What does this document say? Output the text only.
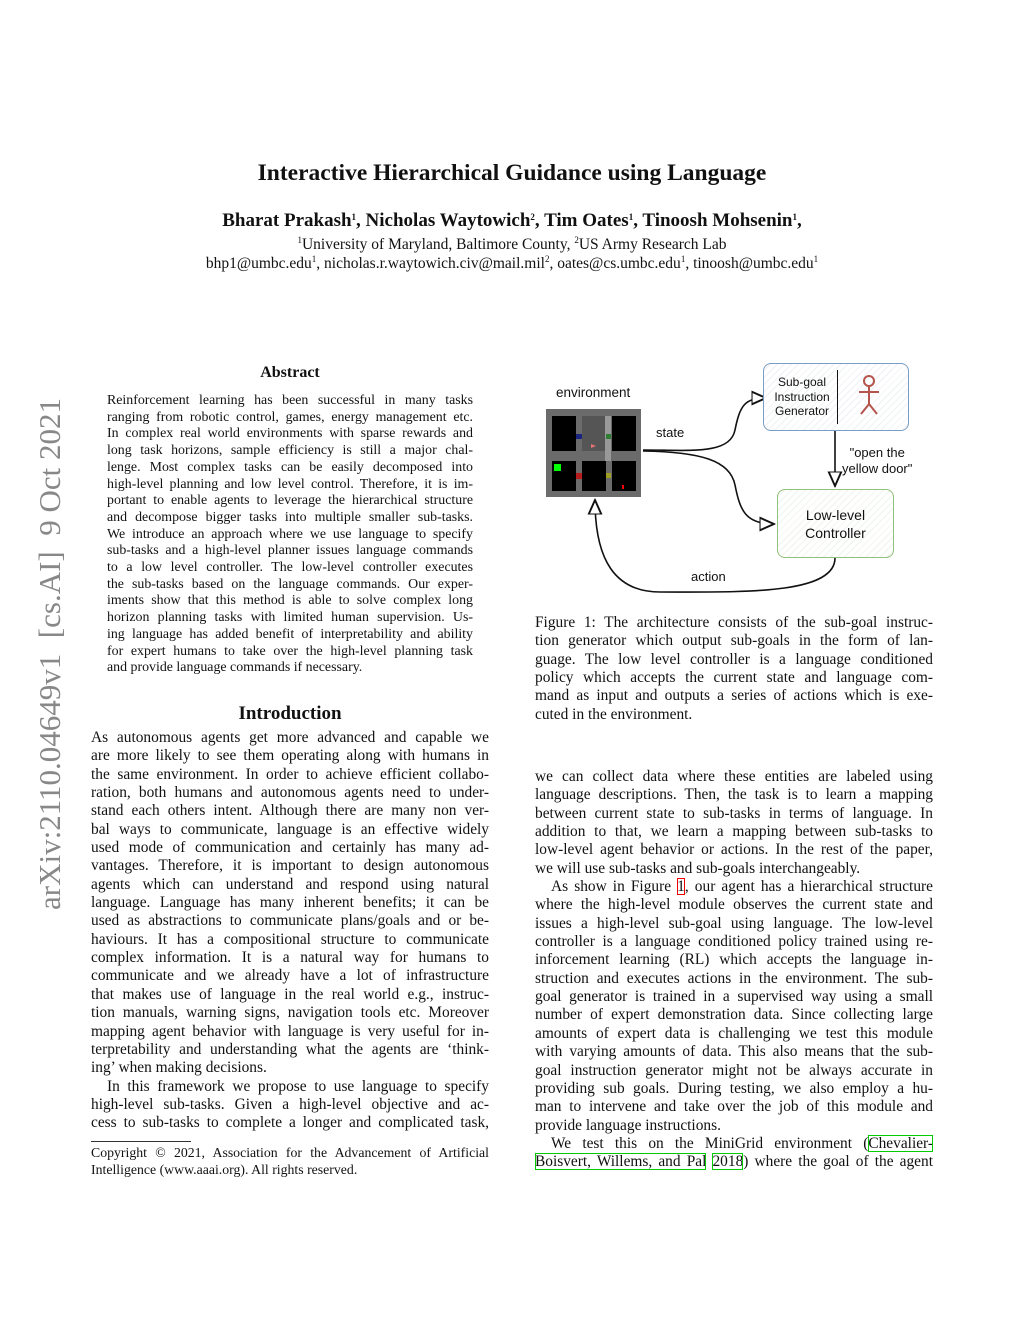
Interactive Hierarchical Guidance using Language
Bharat Prakash$^1$, Nicholas Waytowich$^2$, Tim Oates$^1$, Tinoosh Mohsenin$^1$,
$^1$University of Maryland, Baltimore County, $^2$US Army Research Lab
bhp1@umbc.edu$^1$, nicholas.r.waytowich.civ@mail.mil$^2$, oates@cs.umbc.edu$^1$, tinoosh@umbc.edu$^1$
arXiv:2110.04649v1  [cs.AI]  9 Oct 2021
Abstract
Reinforcement learning has been successful in many tasks
ranging from robotic control, games, energy management etc.
In complex real world environments with sparse rewards and
long task horizons, sample efficiency is still a major chal-
lenge. Most complex tasks can be easily decomposed into
high-level planning and low level control. Therefore, it is im-
portant to enable agents to leverage the hierarchical structure
and decompose bigger tasks into multiple smaller sub-tasks.
We introduce an approach where we use language to specify
sub-tasks and a high-level planner issues language commands
to a low level controller. The low-level controller executes
the sub-tasks based on the language commands. Our exper-
iments show that this method is able to solve complex long
horizon planning tasks with limited human supervision. Us-
ing language has added benefit of interpretability and ability
for expert humans to take over the high-level planning task
and provide language commands if necessary.
Introduction
As autonomous agents get more advanced and capable we
are more likely to see them operating along with humans in
the same environment. In order to achieve efficient collabo-
ration, both humans and autonomous agents need to under-
stand each others intent. Although there are many non ver-
bal ways to communicate, language is an effective widely
used mode of communication and certainly has many ad-
vantages. Therefore, it is important to design autonomous
agents which can understand and respond using natural
language. Language has many inherent benefits; it can be
used as abstractions to communicate plans/goals and or be-
haviours. It has a compositional structure to communicate
complex information. It is a natural way for humans to
communicate and we already have a lot of infrastructure
that makes use of language in the real world e.g., instruc-
tion manuals, warning signs, navigation tools etc. Moreover
mapping agent behavior with language is very useful for in-
terpretability and understanding what the agents are ‘think-
ing’ when making decisions.
In this framework we propose to use language to specify
high-level sub-tasks. Given a high-level objective and ac-
cess to sub-tasks to complete a longer and complicated task,
Copyright © 2021, Association for the Advancement of Artificial
Intelligence (www.aaai.org). All rights reserved.
environment
state
Sub-goal
Instruction
Generator
"open the
yellow door"
Low-level
Controller
action
Figure 1: The architecture consists of the sub-goal instruc-
tion generator which output sub-goals in the form of lan-
guage. The low level controller is a language conditioned
policy which accepts the current state and language com-
mand as input and outputs a series of actions which is exe-
cuted in the environment.
we can collect data where these entities are labeled using
language descriptions. Then, the task is to learn a mapping
between current state to sub-tasks in terms of language. In
addition to that, we learn a mapping between sub-tasks to
low-level agent behavior or actions. In the rest of the paper,
we will use sub-tasks and sub-goals interchangeably.
As show in Figure 1, our agent has a hierarchical structure
where the high-level module observes the current state and
issues a high-level sub-goal using language. The low-level
controller is a language conditioned policy trained using re-
inforcement learning (RL) which accepts the language in-
struction and executes actions in the environment. The sub-
goal generator is trained in a supervised way using a small
number of expert demonstration data. Since collecting large
amounts of expert data is challenging we test this module
with varying amounts of data. This also means that the sub-
goal instruction generator might not be always accurate in
providing sub goals. During testing, we also employ a hu-
man to intervene and take over the job of this module and
provide language instructions.
We test this on the MiniGrid environment (Chevalier-
Boisvert, Willems, and Pal 2018) where the goal of the agent
